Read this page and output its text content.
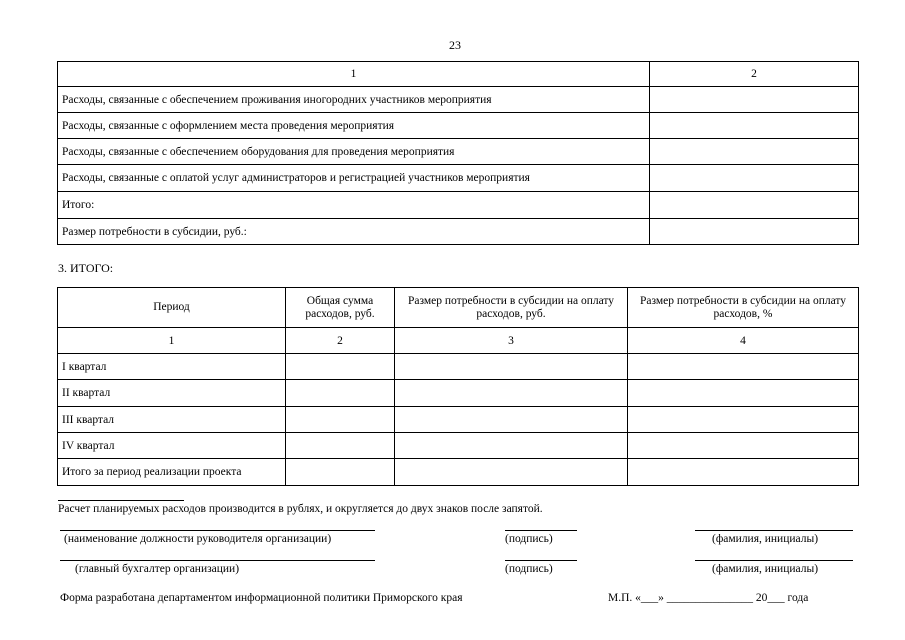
23
1	2
Расходы, связанные с обеспечением проживания иногородних участников мероприятия	
Расходы, связанные с оформлением места проведения мероприятия	
Расходы, связанные с обеспечением оборудования для проведения мероприятия	
Расходы, связанные с оплатой услуг администраторов и регистрацией участников мероприятия	
Итого:	
Размер потребности в субсидии, руб.:	
3. ИТОГО:
Период	Общая сумма расходов, руб.	Размер потребности в субсидии на оплату расходов, руб.	Размер потребности в субсидии на оплату расходов, %
1	2	3	4
I квартал			
II квартал			
III квартал			
IV квартал			
Итого за период реализации проекта			
Расчет планируемых расходов производится в рублях, и округляется до двух знаков после запятой.
(наименование должности руководителя организации)	(подпись)	(фамилия, инициалы)
(главный бухгалтер организации)	(подпись)	(фамилия, инициалы)
Форма разработана департаментом информационной политики Приморского края	М.П. «___» _______________ 20___ года
